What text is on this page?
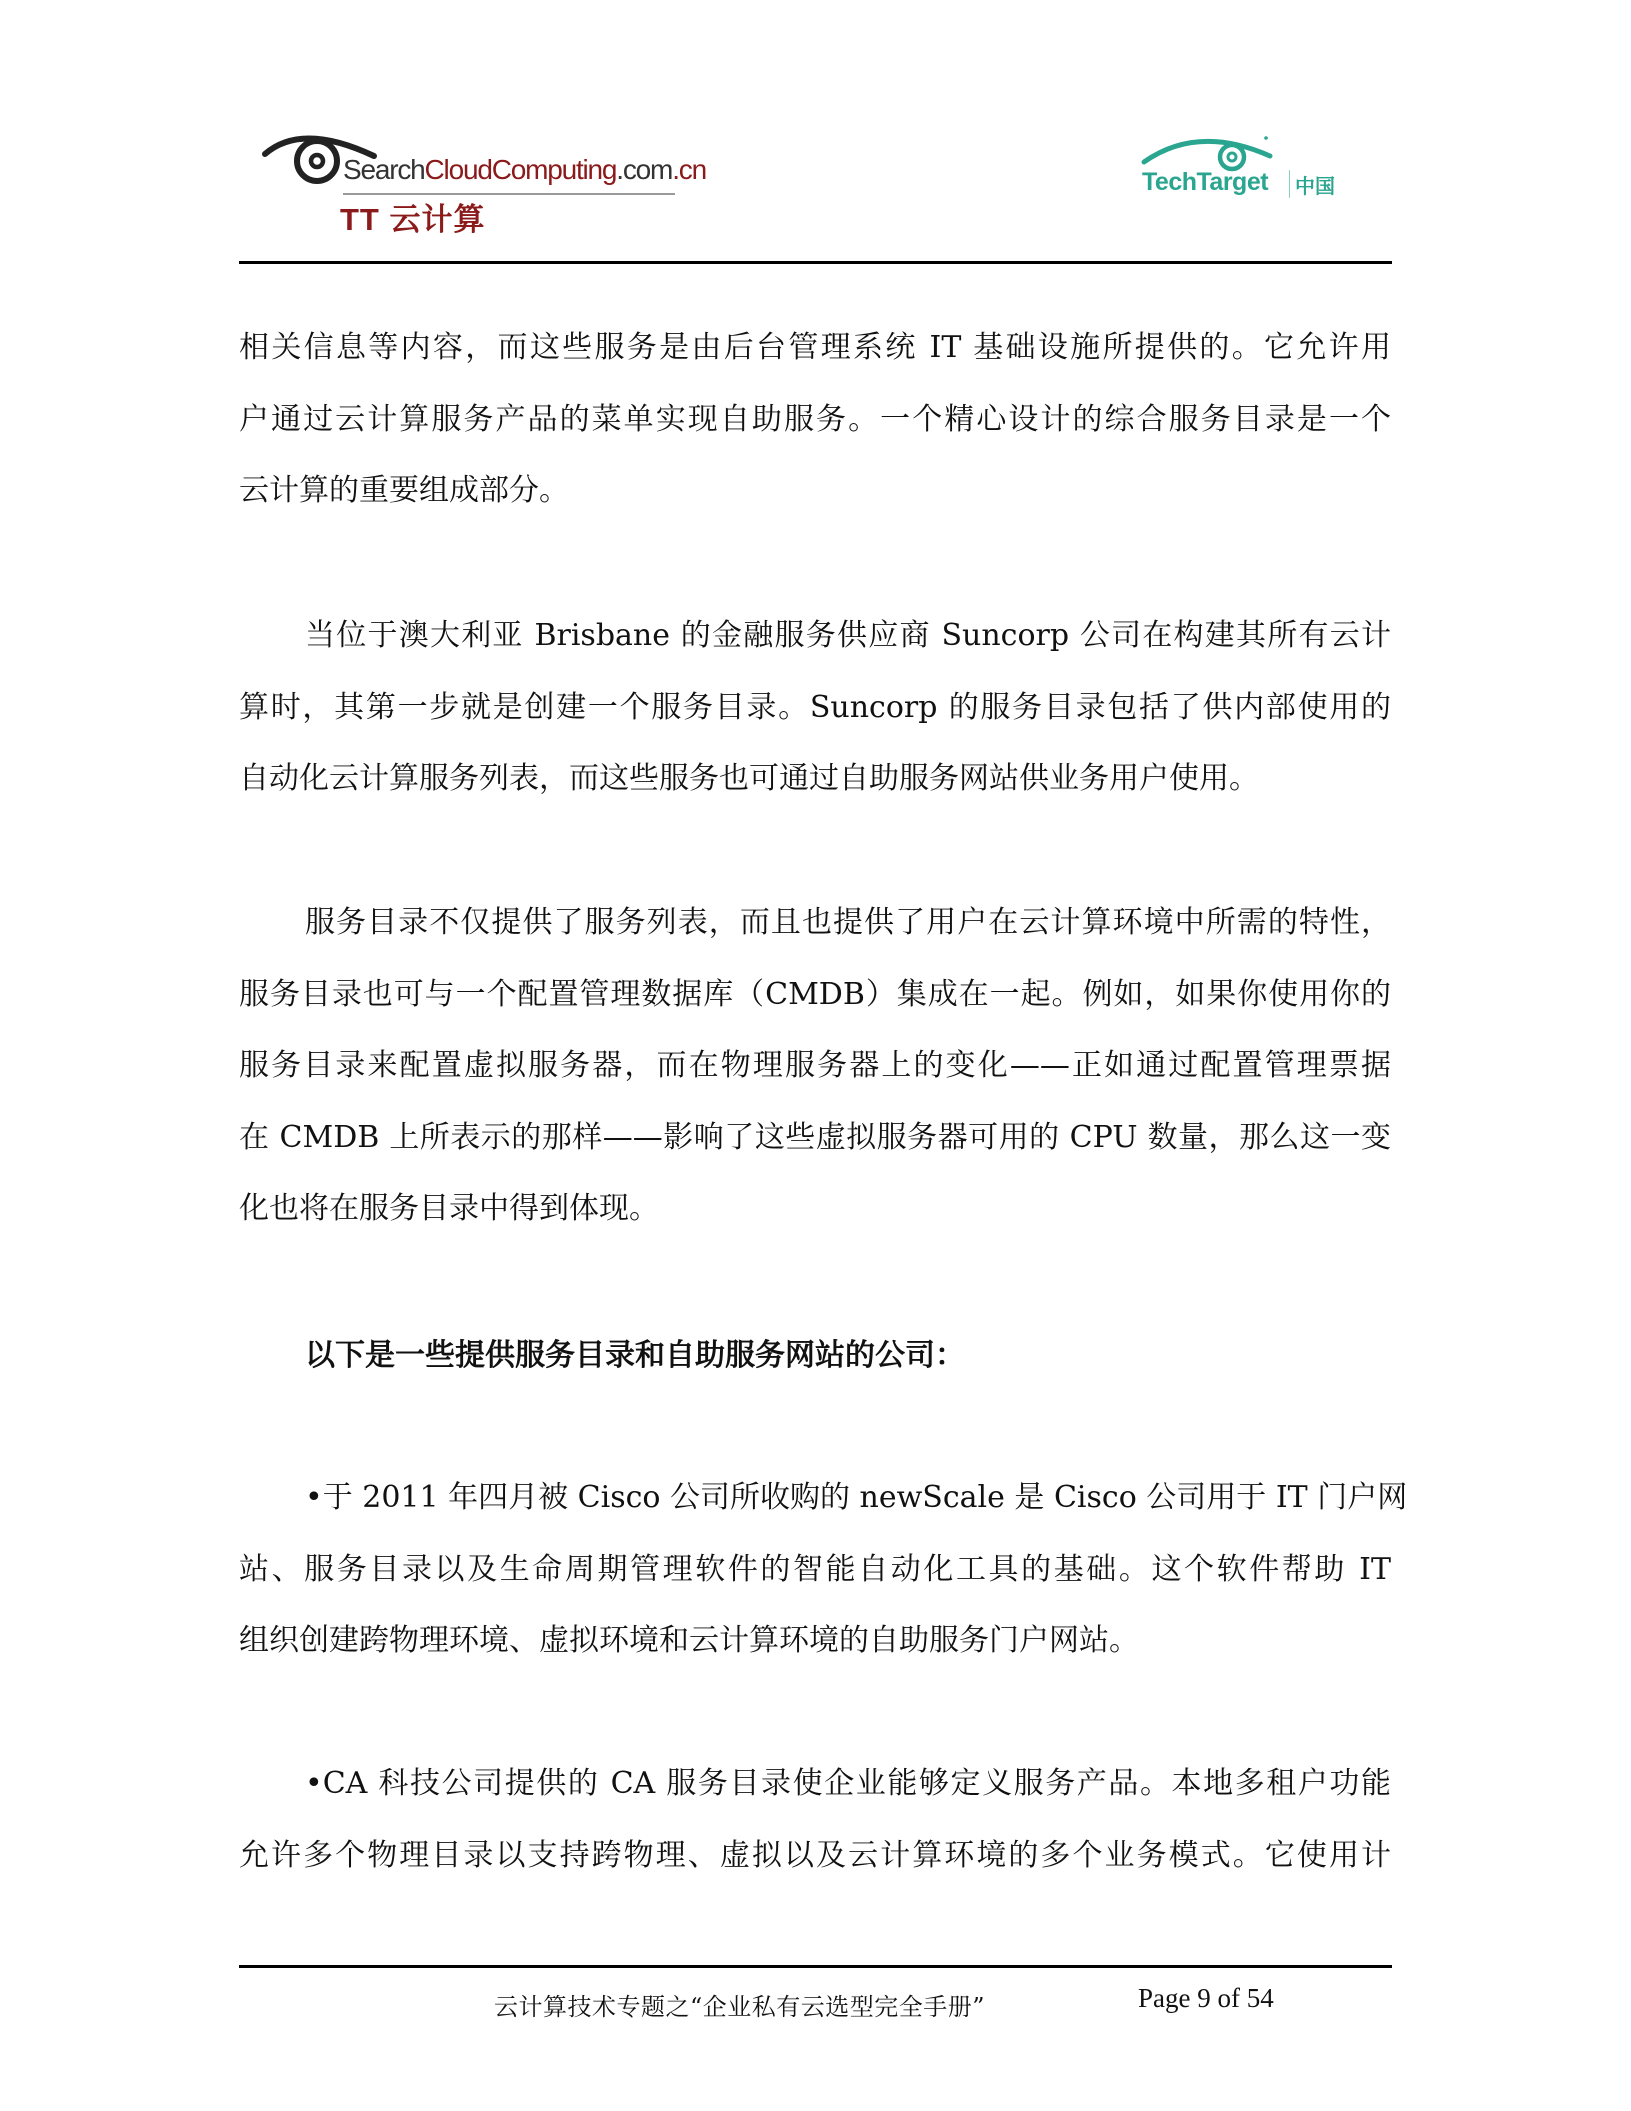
SearchCloudComputing.com.cn
TT 云计算
TechTarget 中国
相关信息等内容，而这些服务是由后台管理系统 IT 基础设施所提供的。它允许用
户通过云计算服务产品的菜单实现自助服务。一个精心设计的综合服务目录是一个
云计算的重要组成部分。
当位于澳大利亚 Brisbane 的金融服务供应商 Suncorp 公司在构建其所有云计
算时，其第一步就是创建一个服务目录。Suncorp 的服务目录包括了供内部使用的
自动化云计算服务列表，而这些服务也可通过自助服务网站供业务用户使用。
服务目录不仅提供了服务列表，而且也提供了用户在云计算环境中所需的特性，
服务目录也可与一个配置管理数据库（CMDB）集成在一起。例如，如果你使用你的
服务目录来配置虚拟服务器，而在物理服务器上的变化——正如通过配置管理票据
在 CMDB 上所表示的那样——影响了这些虚拟服务器可用的 CPU 数量，那么这一变
化也将在服务目录中得到体现。
以下是一些提供服务目录和自助服务网站的公司：
•于 2011 年四月被 Cisco 公司所收购的 newScale 是 Cisco 公司用于 IT 门户网
站、服务目录以及生命周期管理软件的智能自动化工具的基础。这个软件帮助 IT
组织创建跨物理环境、虚拟环境和云计算环境的自助服务门户网站。
•CA 科技公司提供的 CA 服务目录使企业能够定义服务产品。本地多租户功能
允许多个物理目录以支持跨物理、虚拟以及云计算环境的多个业务模式。它使用计
云计算技术专题之“企业私有云选型完全手册”	Page 9 of 54
